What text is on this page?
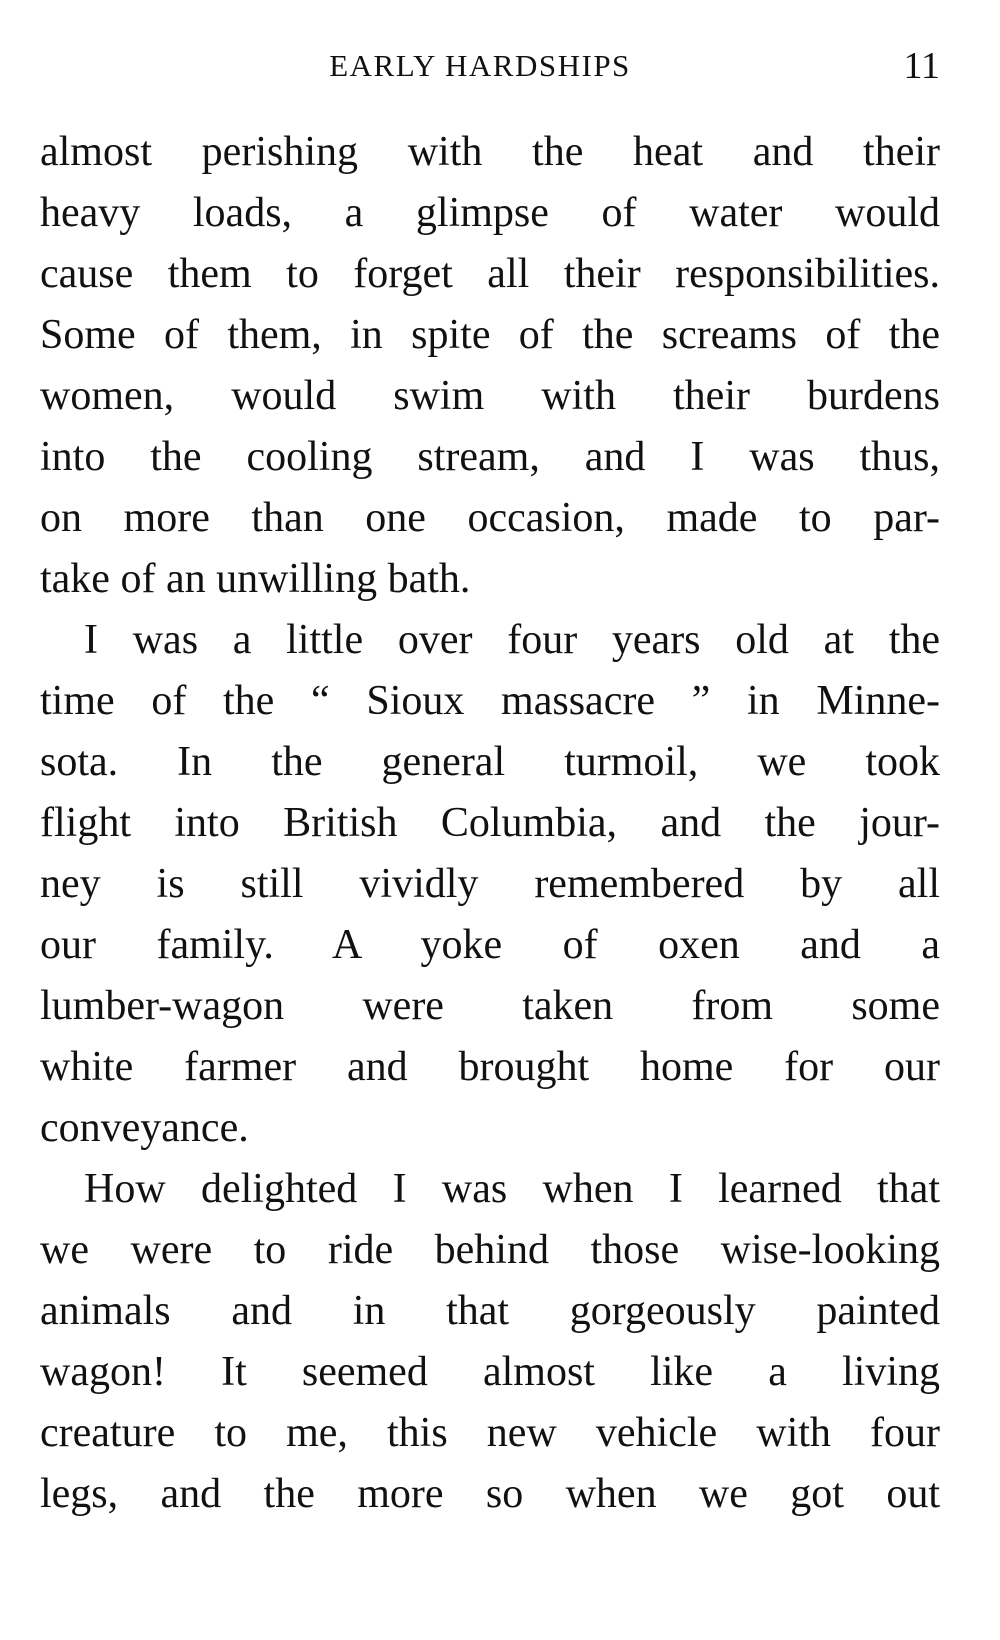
EARLY HARDSHIPS	11
almost perishing with the heat and their
heavy loads, a glimpse of water would
cause them to forget all their responsibilities.
Some of them, in spite of the screams of the
women, would swim with their burdens
into the cooling stream, and I was thus,
on more than one occasion, made to par-
take of an unwilling bath.
I was a little over four years old at the
time of the “ Sioux massacre ” in Minne-
sota. In the general turmoil, we took
flight into British Columbia, and the jour-
ney is still vividly remembered by all
our family. A yoke of oxen and a
lumber-wagon were taken from some
white farmer and brought home for our
conveyance.
How delighted I was when I learned that
we were to ride behind those wise-looking
animals and in that gorgeously painted
wagon! It seemed almost like a living
creature to me, this new vehicle with four
legs, and the more so when we got out
